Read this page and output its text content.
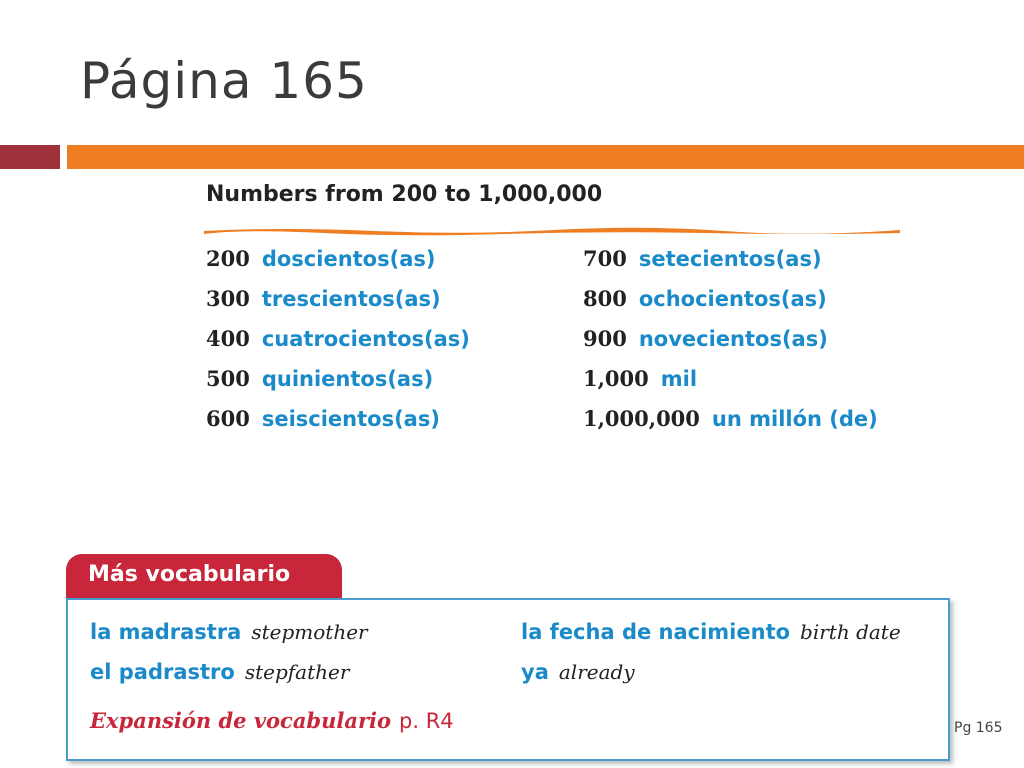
Página 165
Numbers from 200 to 1,000,000
200 doscientos(as)
300 trescientos(as)
400 cuatrocientos(as)
500 quinientos(as)
600 seiscientos(as)
700 setecientos(as)
800 ochocientos(as)
900 novecientos(as)
1,000 mil
1,000,000 un millón (de)
Más vocabulario
la madrastra stepmother
el padrastro stepfather
la fecha de nacimiento birth date
ya already
Expansión de vocabulario p. R4	Pg 165
